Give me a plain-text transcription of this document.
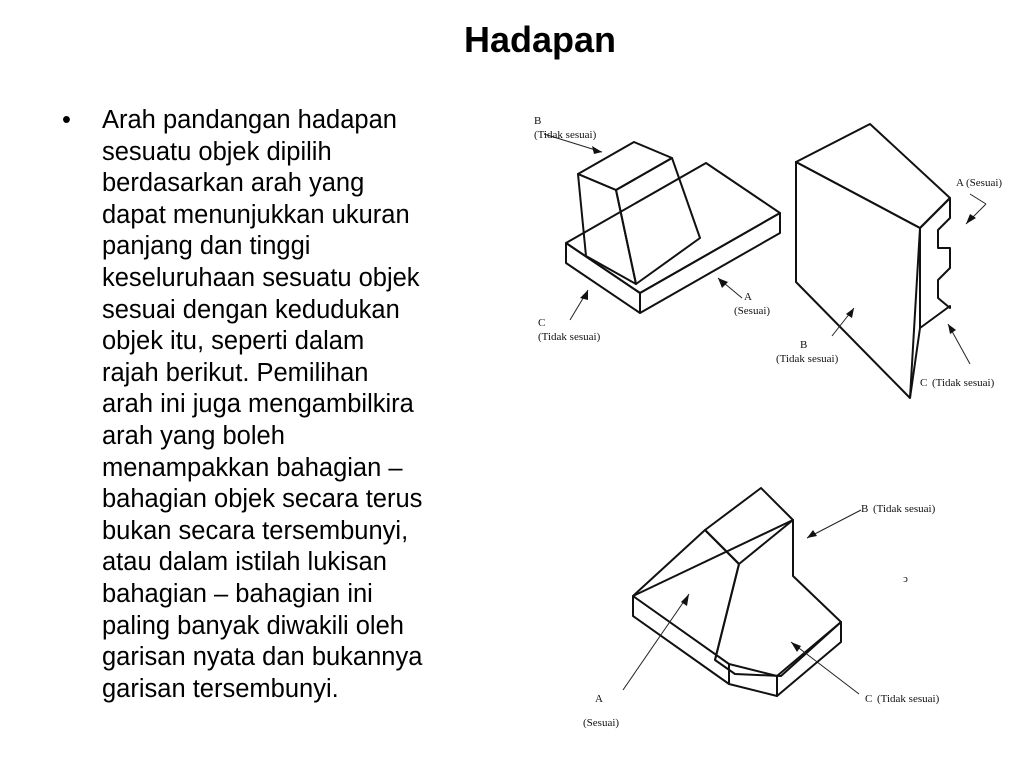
Hadapan
•	Arah pandangan hadapan
sesuatu objek dipilih
berdasarkan arah yang
dapat menunjukkan ukuran
panjang dan tinggi
keseluruhaan sesuatu objek
sesuai dengan kedudukan
objek itu, seperti dalam
rajah berikut. Pemilihan
arah ini juga mengambilkira
arah yang boleh
menampakkan bahagian –
bahagian objek secara terus
bukan secara tersembunyi,
atau dalam istilah lukisan
bahagian – bahagian ini
paling banyak diwakili oleh
garisan nyata dan bukannya
garisan tersembunyi.
B
(Tidak sesuai)
A
(Sesuai)
C
(Tidak sesuai)
A (Sesuai)
B
(Tidak sesuai)
C (Tidak sesuai)
B (Tidak sesuai)
A
(Sesuai)
C (Tidak sesuai)
ͻ
